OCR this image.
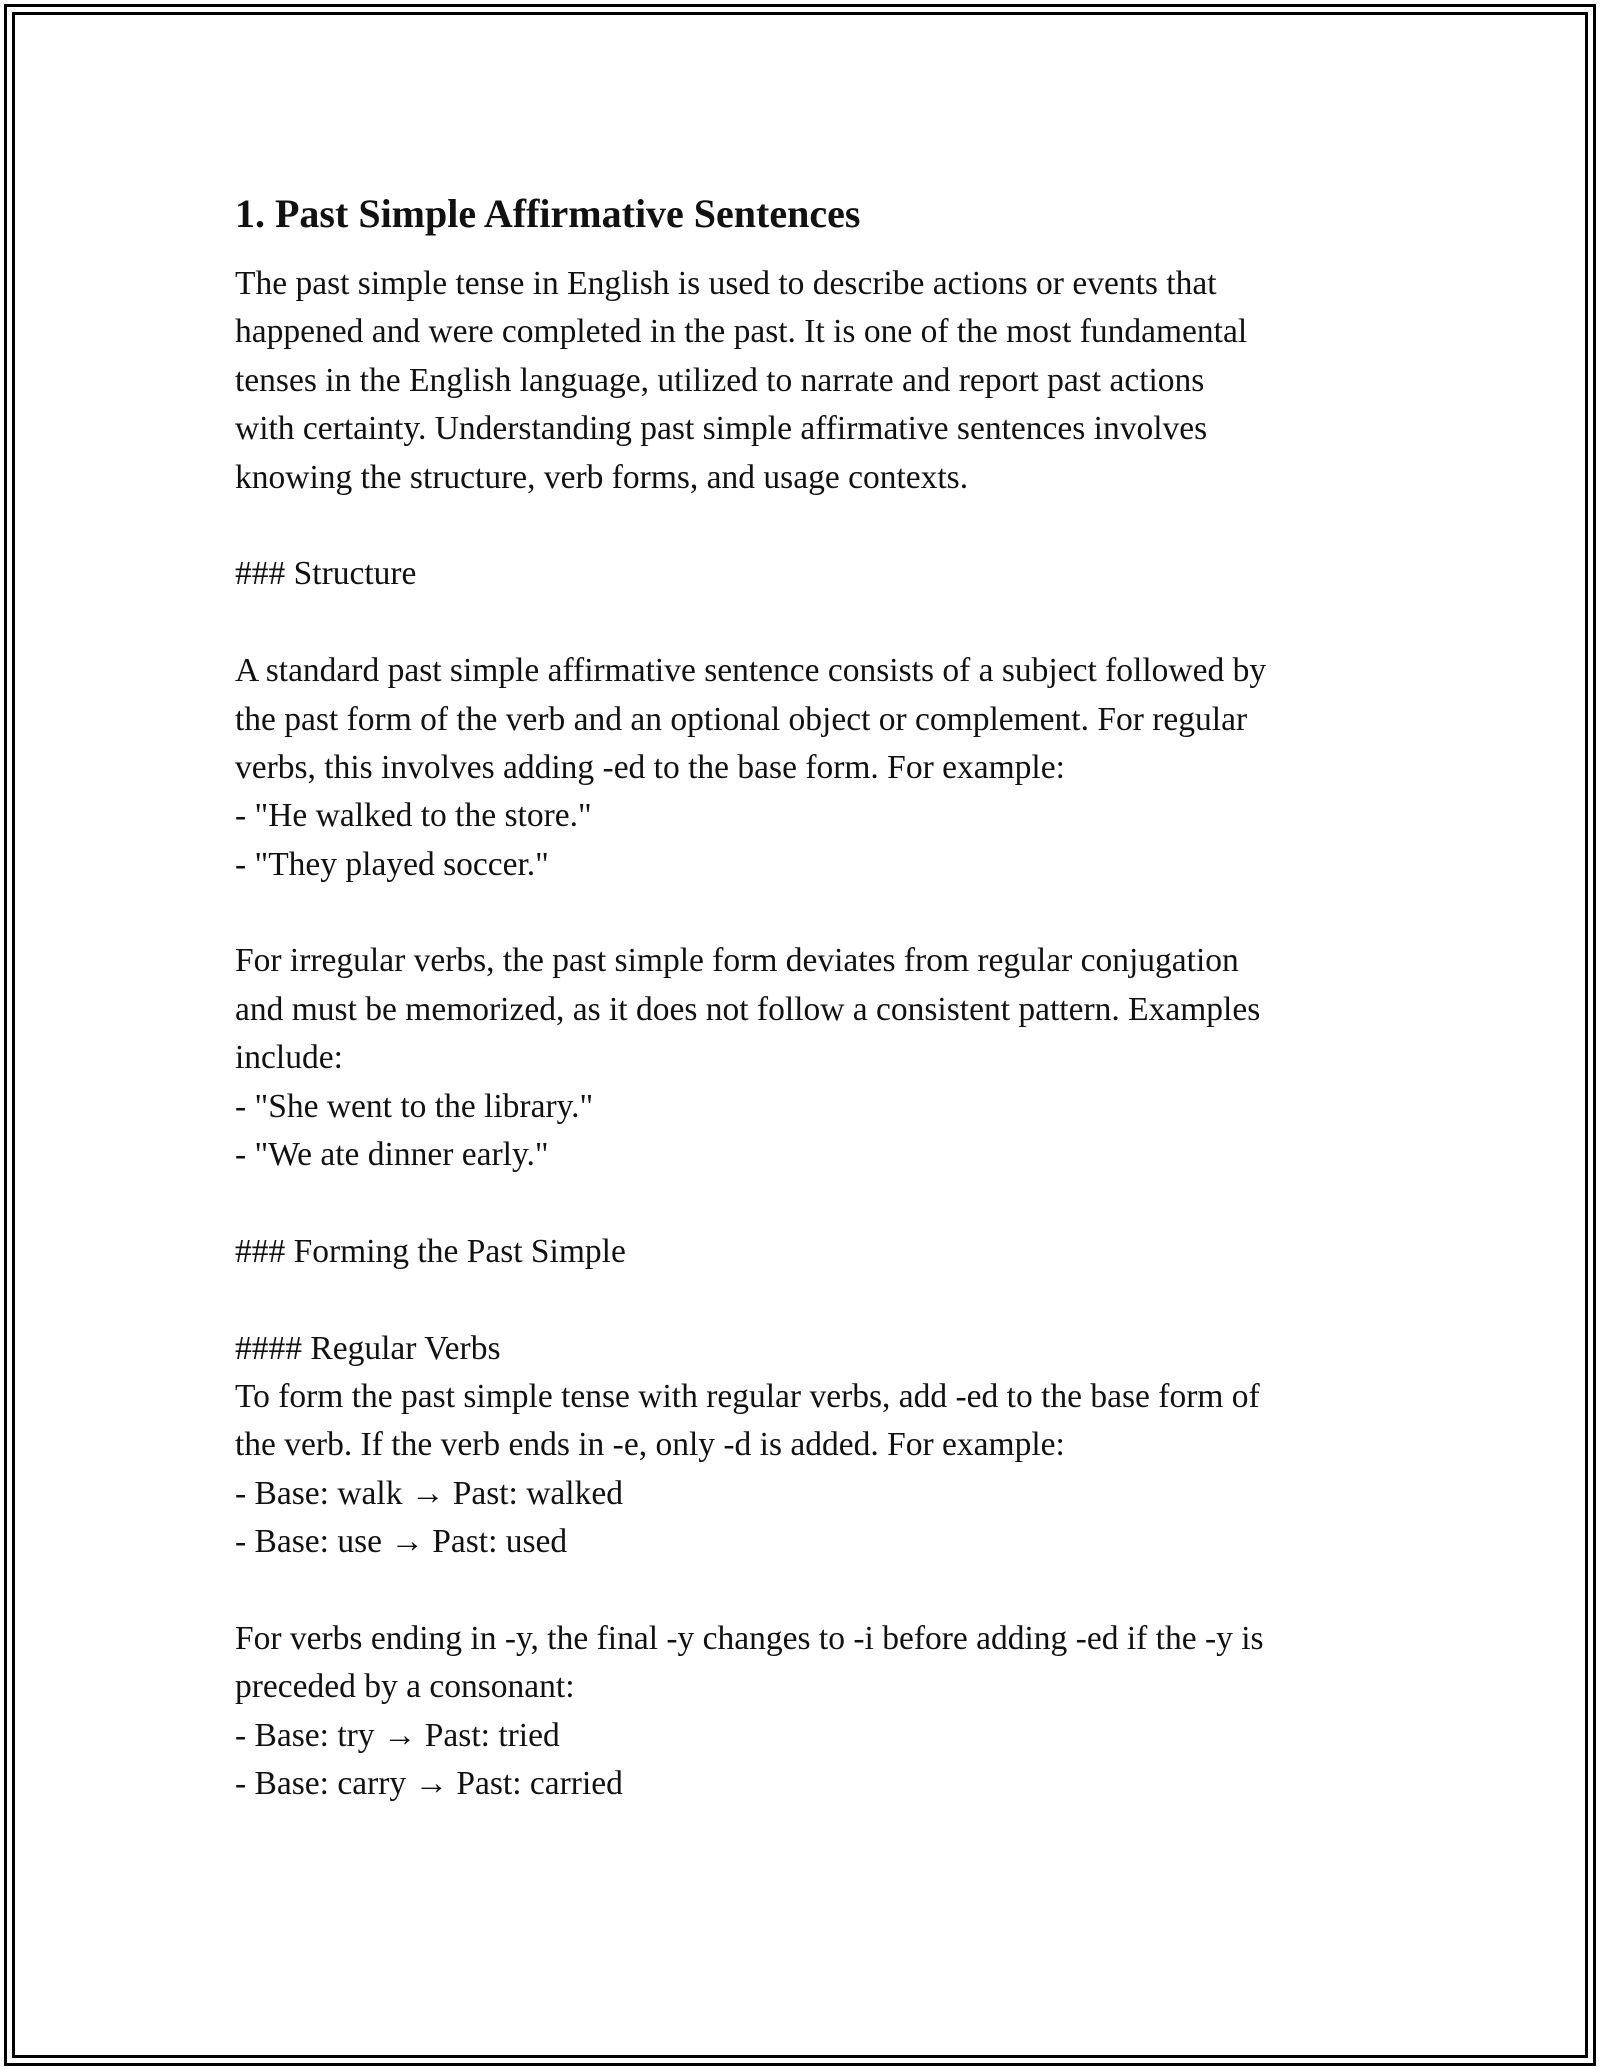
1. Past Simple Affirmative Sentences
The past simple tense in English is used to describe actions or events that
happened and were completed in the past. It is one of the most fundamental
tenses in the English language, utilized to narrate and report past actions
with certainty. Understanding past simple affirmative sentences involves
knowing the structure, verb forms, and usage contexts.
### Structure
A standard past simple affirmative sentence consists of a subject followed by
the past form of the verb and an optional object or complement. For regular
verbs, this involves adding -ed to the base form. For example:
- "He walked to the store."
- "They played soccer."
For irregular verbs, the past simple form deviates from regular conjugation
and must be memorized, as it does not follow a consistent pattern. Examples
include:
- "She went to the library."
- "We ate dinner early."
### Forming the Past Simple
#### Regular Verbs
To form the past simple tense with regular verbs, add -ed to the base form of
the verb. If the verb ends in -e, only -d is added. For example:
- Base: walk → Past: walked
- Base: use → Past: used
For verbs ending in -y, the final -y changes to -i before adding -ed if the -y is
preceded by a consonant:
- Base: try → Past: tried
- Base: carry → Past: carried
